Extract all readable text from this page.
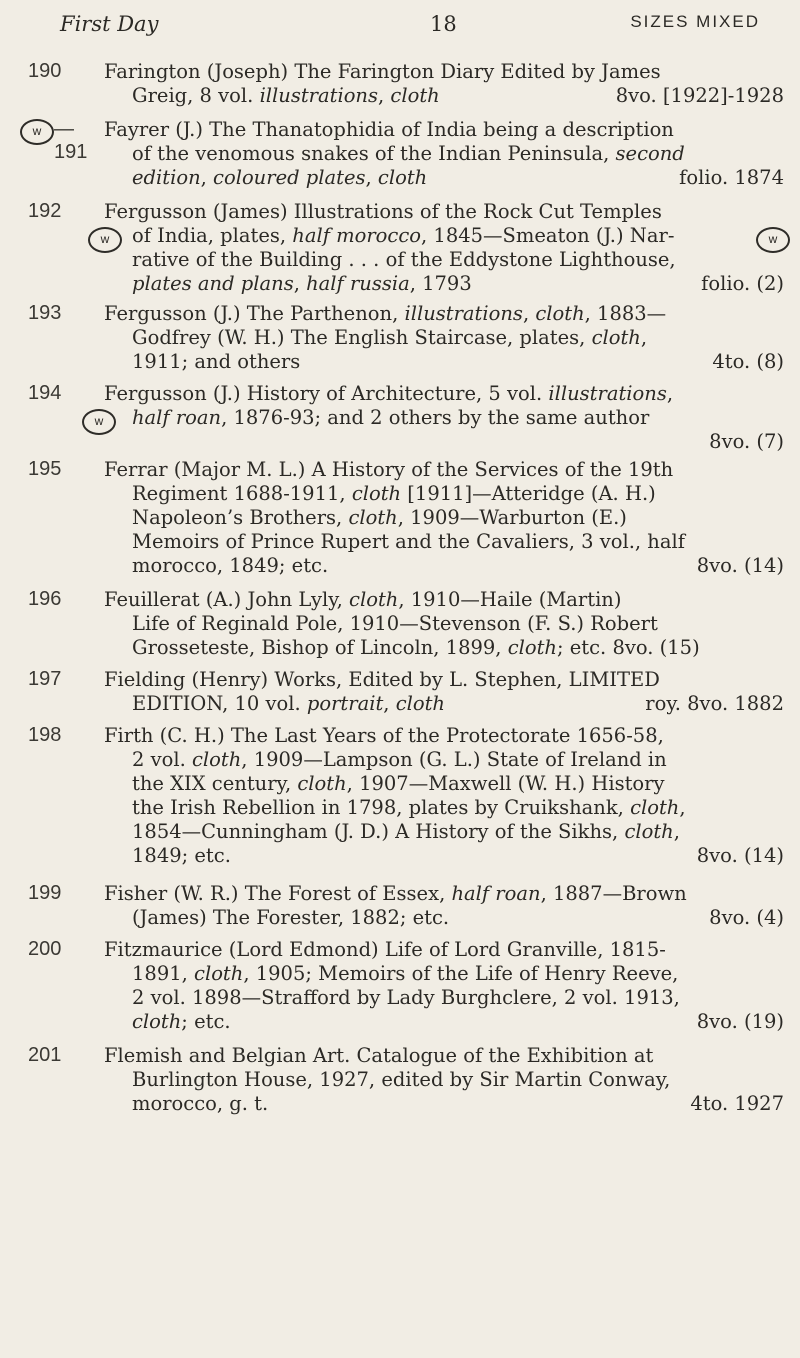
First Day	18	SIZES MIXED
190	Farington (Joseph) The Farington Diary Edited by James
Greig, 8 vol. illustrations, cloth	8vo. [1922]-1928
w —191
Fayrer (J.) The Thanatophidia of India being a description
of the venomous snakes of the Indian Peninsula, second
edition, coloured plates, cloth	folio. 1874
192
w	w
Fergusson (James) Illustrations of the Rock Cut Temples
of India, plates, half morocco, 1845—Smeaton (J.) Nar-
rative of the Building . . . of the Eddystone Lighthouse,
plates and plans, half russia, 1793	folio. (2)
193	Fergusson (J.) The Parthenon, illustrations, cloth, 1883—
Godfrey (W. H.) The English Staircase, plates, cloth,
1911; and others	4to. (8)
194
w
Fergusson (J.) History of Architecture, 5 vol. illustrations,
half roan, 1876-93; and 2 others by the same author
8vo. (7)
195	Ferrar (Major M. L.) A History of the Services of the 19th
Regiment 1688-1911, cloth [1911]—Atteridge (A. H.)
Napoleon’s Brothers, cloth, 1909—Warburton (E.)
Memoirs of Prince Rupert and the Cavaliers, 3 vol., half
morocco, 1849; etc.	8vo. (14)
196	Feuillerat (A.) John Lyly, cloth, 1910—Haile (Martin)
Life of Reginald Pole, 1910—Stevenson (F. S.) Robert
Grosseteste, Bishop of Lincoln, 1899, cloth; etc. 8vo. (15)
197	Fielding (Henry) Works, Edited by L. Stephen, LIMITED
EDITION, 10 vol. portrait, cloth	roy. 8vo. 1882
198	Firth (C. H.) The Last Years of the Protectorate 1656-58,
2 vol. cloth, 1909—Lampson (G. L.) State of Ireland in
the XIX century, cloth, 1907—Maxwell (W. H.) History
the Irish Rebellion in 1798, plates by Cruikshank, cloth,
1854—Cunningham (J. D.) A History of the Sikhs, cloth,
1849; etc.	8vo. (14)
199	Fisher (W. R.) The Forest of Essex, half roan, 1887—Brown
(James) The Forester, 1882; etc.	8vo. (4)
200	Fitzmaurice (Lord Edmond) Life of Lord Granville, 1815-
1891, cloth, 1905; Memoirs of the Life of Henry Reeve,
2 vol. 1898—Strafford by Lady Burghclere, 2 vol. 1913,
cloth; etc.	8vo. (19)
201	Flemish and Belgian Art. Catalogue of the Exhibition at
Burlington House, 1927, edited by Sir Martin Conway,
morocco, g. t.	4to. 1927
